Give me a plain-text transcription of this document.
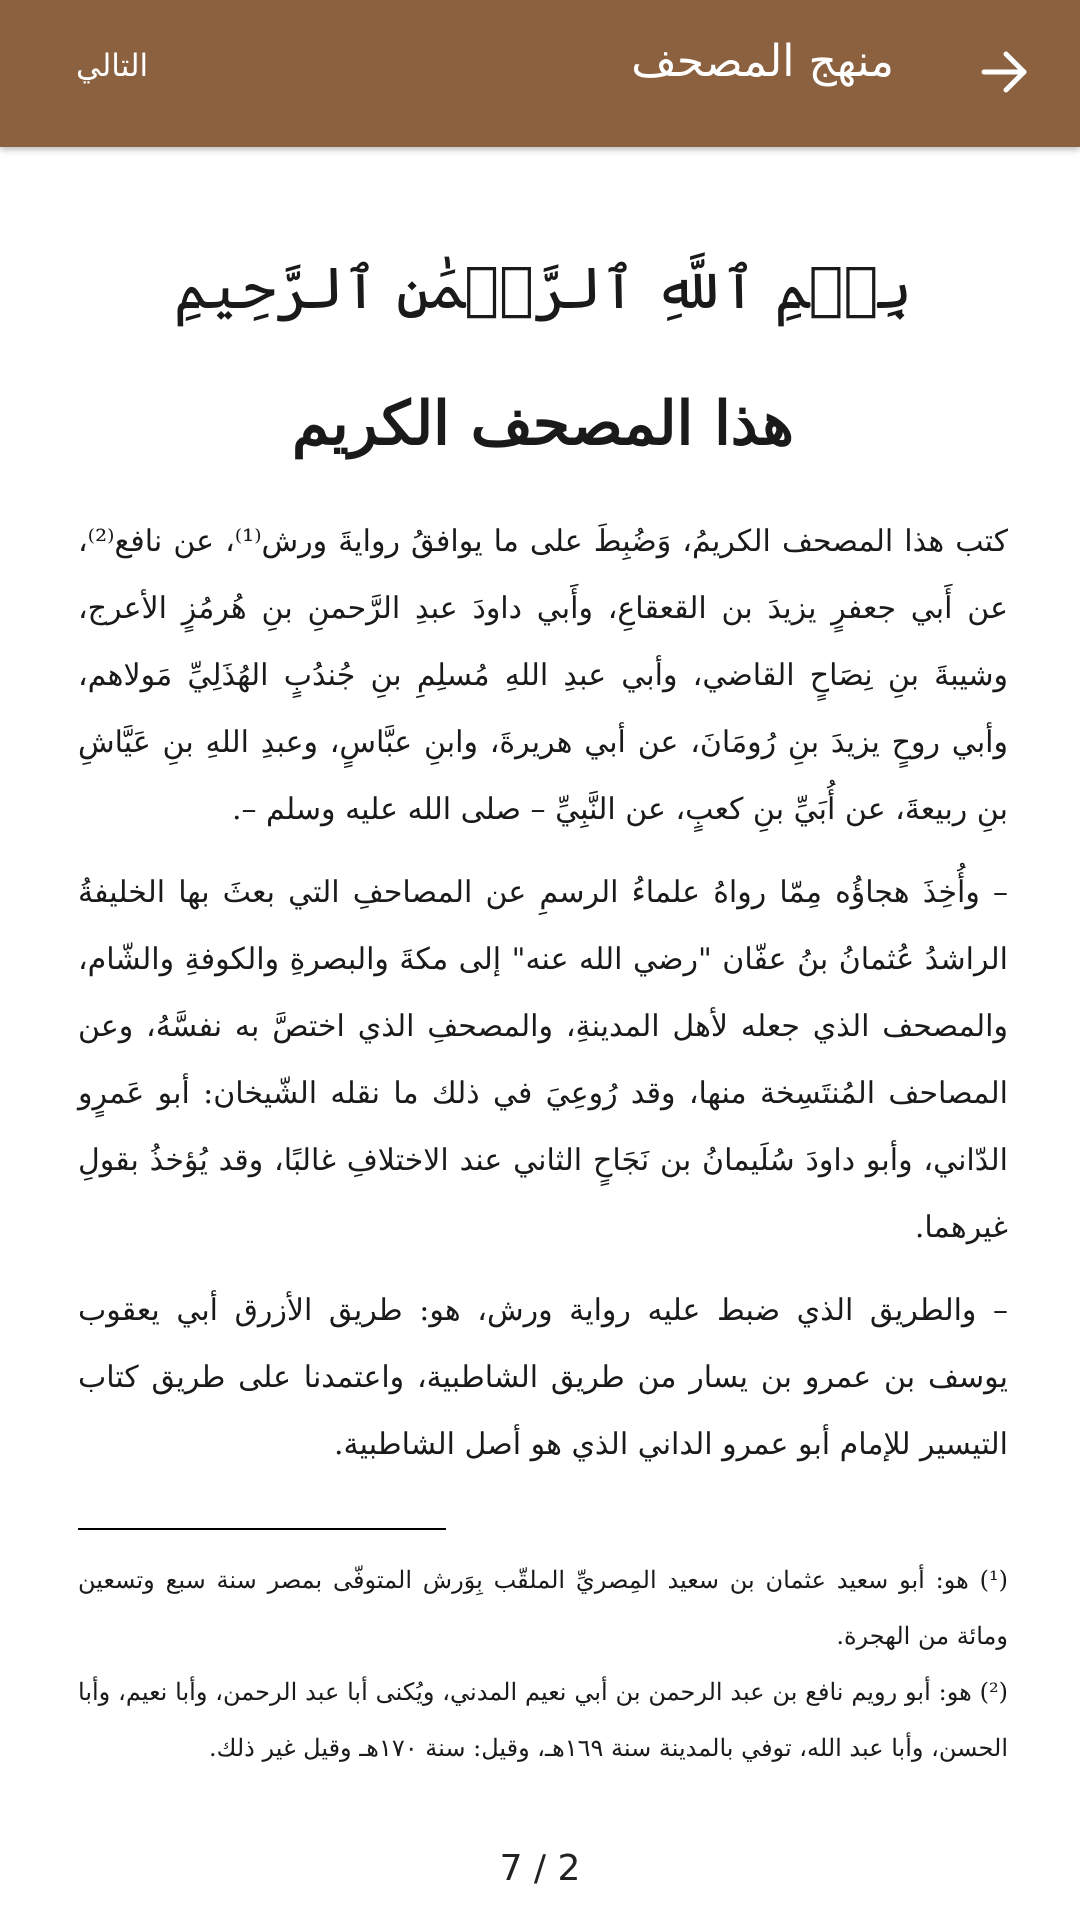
التالي	منهج المصحف
بِسۡمِ ٱللَّهِ ٱلرَّحۡمَٰنِ ٱلرَّحِيمِ
هذا المصحف الكريم

كتب هذا المصحف الكريمُ، وَضُبِطَ على ما يوافقُ روايةَ ورش⁽¹⁾، عن نافع⁽²⁾، عن أَبي جعفرٍ يزيدَ بن القعقاعِ، وأَبي داودَ عبدِ الرَّحمنِ بنِ هُرمُزٍ الأعرج، وشيبةَ بنِ نِصَاحٍ القاضي، وأبي عبدِ اللهِ مُسلِمِ بنِ جُندُبٍ الهُذَلِيِّ مَولاهم، وأبي روحٍ يزيدَ بنِ رُومَانَ، عن أبي هريرةَ، وابنِ عبَّاسٍ، وعبدِ اللهِ بنِ عَيَّاشِ بنِ ربيعةَ، عن أُبَيِّ بنِ كعبٍ، عن النَّبِيِّ – صلى الله عليه وسلم –.

– وأُخِذَ هجاؤُه مِمّا رواهُ علماءُ الرسمِ عن المصاحفِ التي بعثَ بها الخليفةُ الراشدُ عُثمانُ بنُ عفّان "رضي الله عنه" إلى مكةَ والبصرةِ والكوفةِ والشّام، والمصحف الذي جعله لأهل المدينةِ، والمصحفِ الذي اختصَّ به نفسَّهُ، وعن المصاحف المُنتَسِخة منها، وقد رُوعِيَ في ذلك ما نقله الشّيخان: أبو عَمرٍو الدّاني، وأبو داودَ سُلَيمانُ بن نَجَاحٍ الثاني عند الاختلافِ غالبًا، وقد يُؤخذُ بقولِ غيرهما.

– والطريق الذي ضبط عليه رواية ورش، هو: طريق الأزرق أبي يعقوب يوسف بن عمرو بن يسار من طريق الشاطبية، واعتمدنا على طريق كتاب التيسير للإمام أبو عمرو الداني الذي هو أصل الشاطبية.

(¹) هو: أبو سعيد عثمان بن سعيد المِصريِّ الملقّب بِوَرش المتوفّى بمصر سنة سبع وتسعين ومائة من الهجرة.

(²) هو: أبو رويم نافع بن عبد الرحمن بن أبي نعيم المدني، ويُكنى أبا عبد الرحمن، وأبا نعيم، وأبا الحسن، وأبا عبد الله، توفي بالمدينة سنة ١٦٩هـ، وقيل: سنة ١٧٠هـ وقيل غير ذلك.

7 / 2
